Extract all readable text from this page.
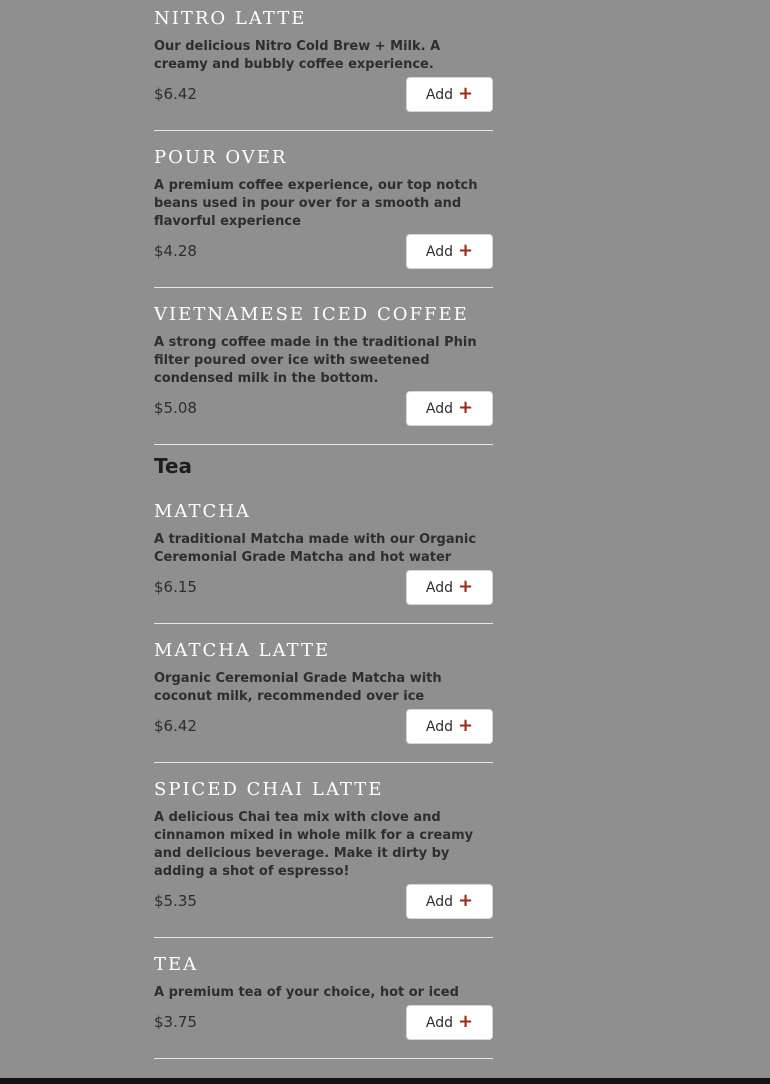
NITRO LATTE

Our delicious Nitro Cold Brew + Milk. A creamy and bubbly coffee experience.

$6.42	Add +
POUR OVER

A premium coffee experience, our top notch beans used in pour over for a smooth and flavorful experience

$4.28	Add +
VIETNAMESE ICED COFFEE

A strong coffee made in the traditional Phin filter poured over ice with sweetened condensed milk in the bottom.

$5.08	Add +
Tea
MATCHA

A traditional Matcha made with our Organic Ceremonial Grade Matcha and hot water

$6.15	Add +
MATCHA LATTE

Organic Ceremonial Grade Matcha with coconut milk, recommended over ice

$6.42	Add +
SPICED CHAI LATTE

A delicious Chai tea mix with clove and cinnamon mixed in whole milk for a creamy and delicious beverage. Make it dirty by adding a shot of espresso!

$5.35	Add +
TEA

A premium tea of your choice, hot or iced

$3.75	Add +
